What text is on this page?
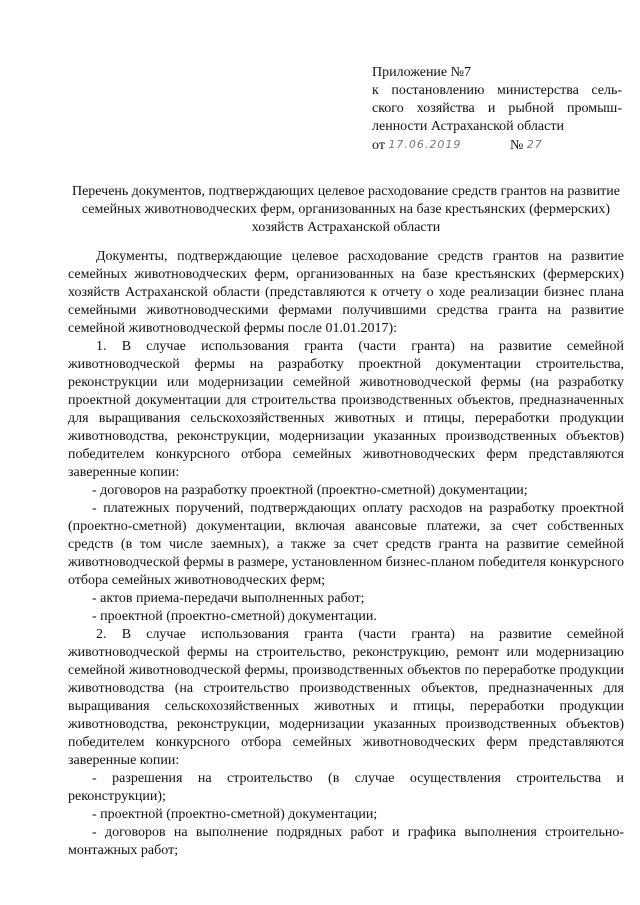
Приложение №7
к постановлению министерства сель-
ского хозяйства и рыбной промыш-
ленности Астраханской области
от 17.06.2019	№ 27
Перечень документов, подтверждающих целевое расходование средств грантов на развитие семейных животноводческих ферм, организованных на базе крестьянских (фермерских) хозяйств Астраханской области

Документы, подтверждающие целевое расходование средств грантов на развитие семейных животноводческих ферм, организованных на базе крестьянских (фермерских) хозяйств Астраханской области (представляются к отчету о ходе реализации бизнес плана семейными животноводческими фермами получившими средства гранта на развитие семейной животноводческой фермы после 01.01.2017):

1. В случае использования гранта (части гранта) на развитие семейной животноводческой фермы на разработку проектной документации строительства, реконструкции или модернизации семейной животноводческой фермы (на разработку проектной документации для строительства производственных объектов, предназначенных для выращивания сельскохозяйственных животных и птицы, переработки продукции животноводства, реконструкции, модернизации указанных производственных объектов) победителем конкурсного отбора семейных животноводческих ферм представляются заверенные копии:

- договоров на разработку проектной (проектно-сметной) документации;

- платежных поручений, подтверждающих оплату расходов на разработку проектной (проектно-сметной) документации, включая авансовые платежи, за счет собственных средств (в том числе заемных), а также за счет средств гранта на развитие семейной животноводческой фермы в размере, установленном бизнес-планом победителя конкурсного отбора семейных животноводческих ферм;

- актов приема-передачи выполненных работ;

- проектной (проектно-сметной) документации.

2. В случае использования гранта (части гранта) на развитие семейной животноводческой фермы на строительство, реконструкцию, ремонт или модернизацию семейной животноводческой фермы, производственных объектов по переработке продукции животноводства (на строительство производственных объектов, предназначенных для выращивания сельскохозяйственных животных и птицы, переработки продукции животноводства, реконструкции, модернизации указанных производственных объектов) победителем конкурсного отбора семейных животноводческих ферм представляются заверенные копии:

- разрешения на строительство (в случае осуществления строительства и реконструкции);

- проектной (проектно-сметной) документации;

- договоров на выполнение подрядных работ и графика выполнения строительно-монтажных работ;
